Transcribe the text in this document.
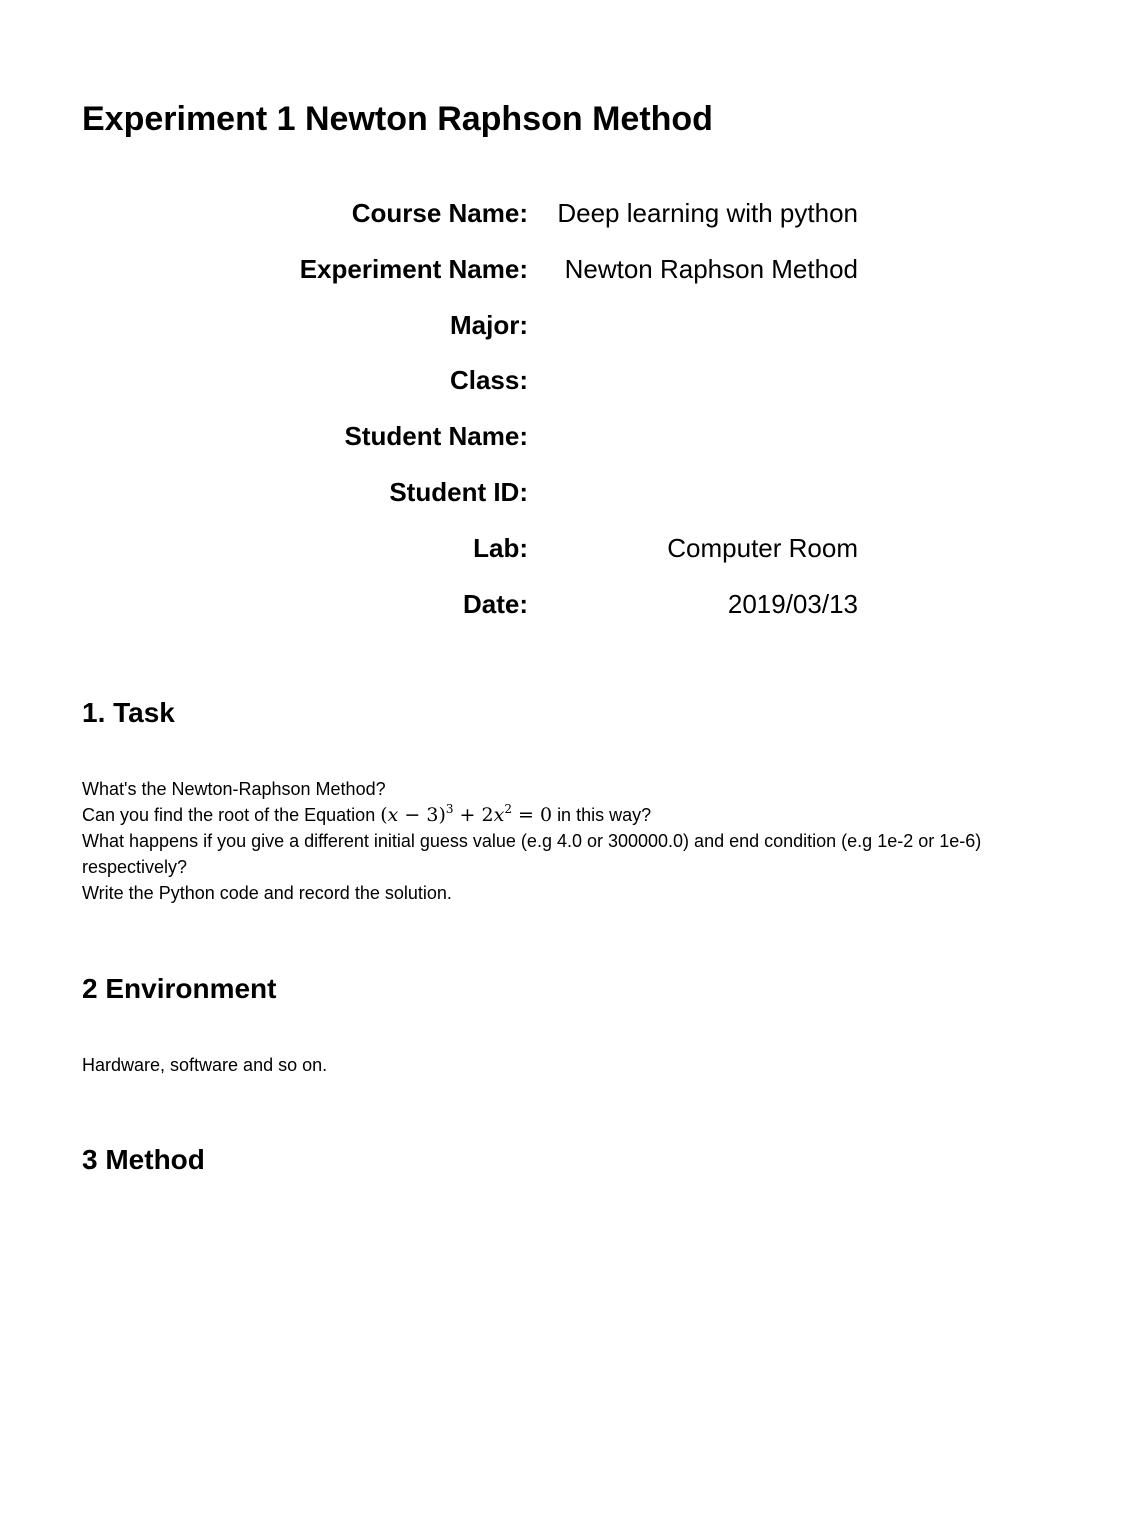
Experiment 1 Newton Raphson Method
Course Name: Deep learning with python
Experiment Name: Newton Raphson Method
Major:
Class:
Student Name:
Student ID:
Lab:	Computer Room
Date:	2019/03/13
1. Task
What's the Newton-Raphson Method?
Can you find the root of the Equation $(x - 3)^3 + 2x^2 = 0$ in this way?
What happens if you give a different initial guess value (e.g 4.0 or 300000.0) and end condition (e.g 1e-2 or 1e-6) respectively?
Write the Python code and record the solution.
2 Environment
Hardware, software and so on.
3 Method
